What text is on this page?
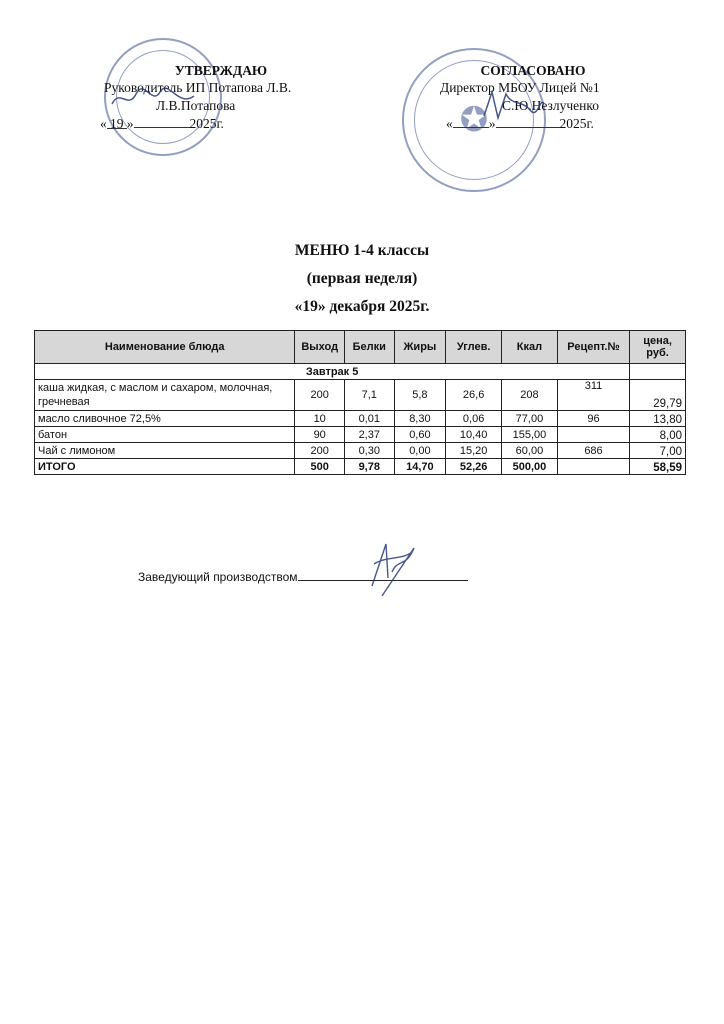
✪
УТВЕРЖДАЮ
Руководитель ИП Потапова Л.В.
Л.В.Потапова
« 19 »	2025г.
СОГЛАСОВАНО
Директор МБОУ Лицей №1
С.Ю.Незлученко
«	»	2025г.
МЕНЮ 1-4 классы
(первая неделя)
«19» декабря 2025г.
Наименование блюда	Выход	Белки	Жиры	Углев.	Ккал	Рецепт.№	цена, руб.
Завтрак 5							
каша жидкая, с маслом и сахаром, молочная, гречневая	200	7,1	5,8	26,6	208	311	29,79
масло сливочное 72,5%	10	0,01	8,30	0,06	77,00	96	13,80
батон	90	2,37	0,60	10,40	155,00		8,00
Чай с лимоном	200	0,30	0,00	15,20	60,00	686	7,00
ИТОГО	500	9,78	14,70	52,26	500,00		58,59
Заведующий производством
